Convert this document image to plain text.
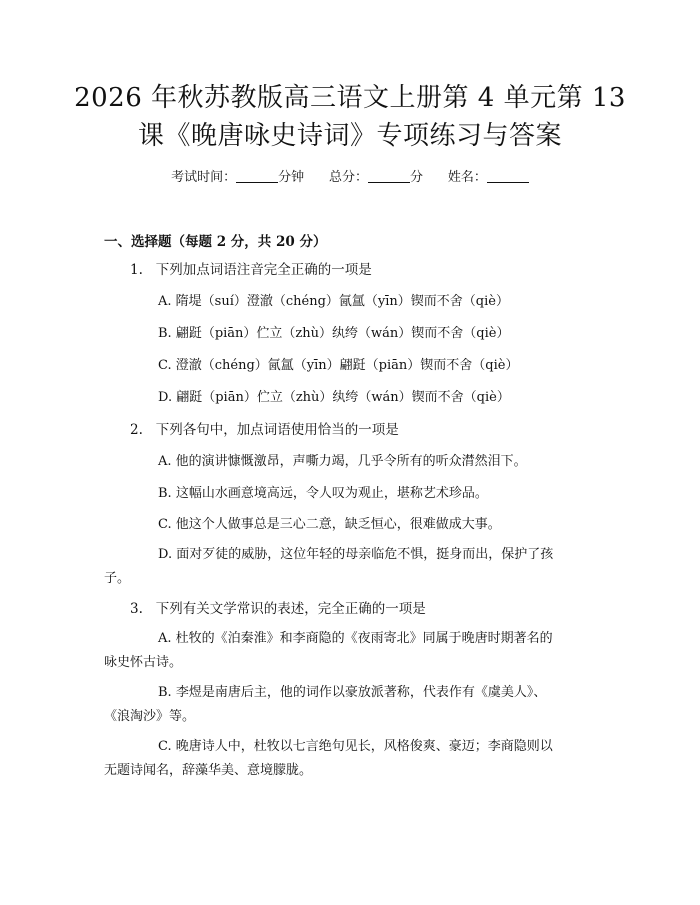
2026 年秋苏教版高三语文上册第 4 单元第 13
课《晚唐咏史诗词》专项练习与答案
考试时间：	分钟 总分：	分 姓名：
一、选择题（每题 2 分，共 20 分）
1. 下列加点词语注音完全正确的一项是
A. 隋堤（suí）澄澈（chéng）氤氲（yīn）锲而不舍（qiè）
B. 翩跹（piān）伫立（zhù）纨绔（wán）锲而不舍（qiè）
C. 澄澈（chéng）氤氲（yīn）翩跹（piān）锲而不舍（qiè）
D. 翩跹（piān）伫立（zhù）纨绔（wán）锲而不舍（qiè）
2. 下列各句中，加点词语使用恰当的一项是
A. 他的演讲慷慨激昂，声嘶力竭，几乎令所有的听众潸然泪下。
B. 这幅山水画意境高远，令人叹为观止，堪称艺术珍品。
C. 他这个人做事总是三心二意，缺乏恒心，很难做成大事。
D. 面对歹徒的威胁，这位年轻的母亲临危不惧，挺身而出，保护了孩子。
3. 下列有关文学常识的表述，完全正确的一项是
A. 杜牧的《泊秦淮》和李商隐的《夜雨寄北》同属于晚唐时期著名的咏史怀古诗。
B. 李煜是南唐后主，他的词作以豪放派著称，代表作有《虞美人》、《浪淘沙》等。
C. 晚唐诗人中，杜牧以七言绝句见长，风格俊爽、豪迈；李商隐则以无题诗闻名，辞藻华美、意境朦胧。
